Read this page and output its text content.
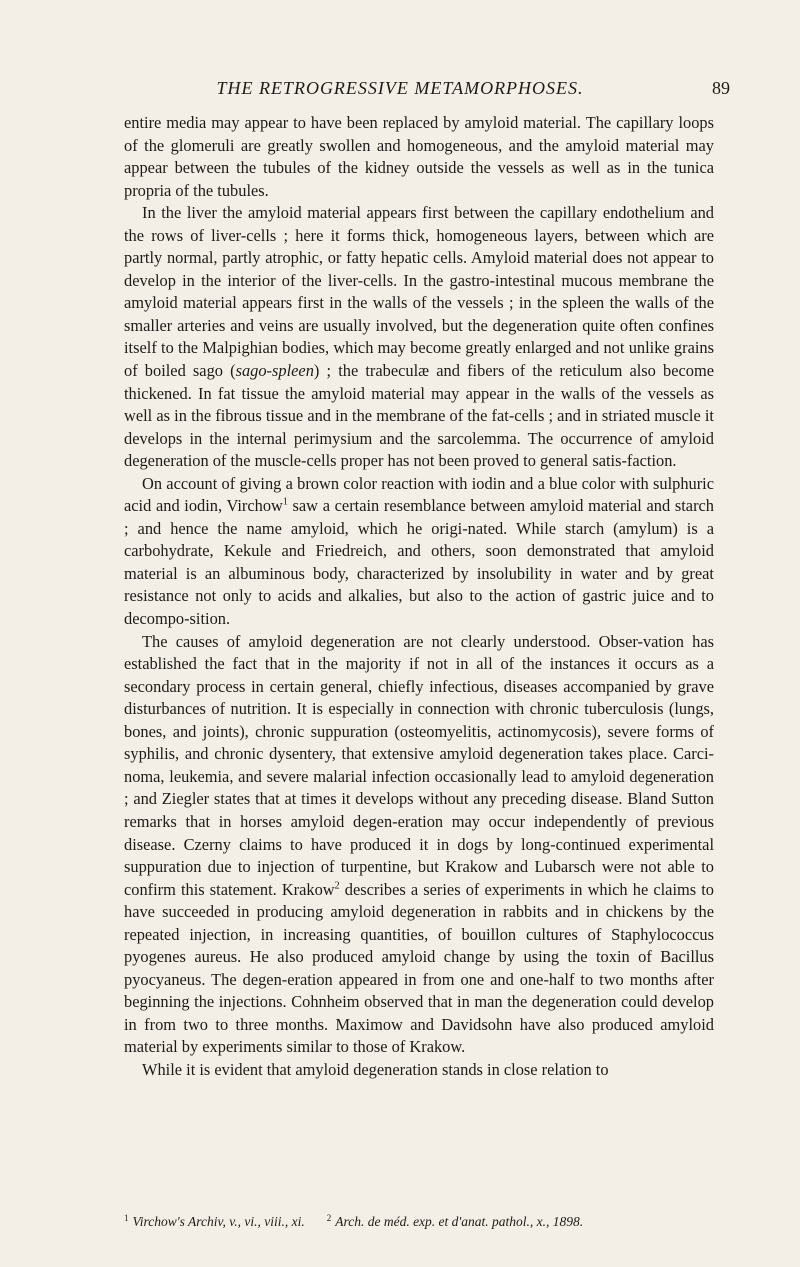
THE RETROGRESSIVE METAMORPHOSES.	89

entire media may appear to have been replaced by amyloid material. The capillary loops of the glomeruli are greatly swollen and homogeneous, and the amyloid material may appear between the tubules of the kidney outside the vessels as well as in the tunica propria of the tubules.

In the liver the amyloid material appears first between the capillary endothelium and the rows of liver-cells ; here it forms thick, homogeneous layers, between which are partly normal, partly atrophic, or fatty hepatic cells. Amyloid material does not appear to develop in the interior of the liver-cells. In the gastro-intestinal mucous membrane the amyloid material appears first in the walls of the vessels ; in the spleen the walls of the smaller arteries and veins are usually involved, but the degeneration quite often confines itself to the Malpighian bodies, which may become greatly enlarged and not unlike grains of boiled sago (sago-spleen) ; the trabeculæ and fibers of the reticulum also become thickened. In fat tissue the amyloid material may appear in the walls of the vessels as well as in the fibrous tissue and in the membrane of the fat-cells ; and in striated muscle it develops in the internal perimysium and the sarcolemma. The occurrence of amyloid degeneration of the muscle-cells proper has not been proved to general satis-faction.

On account of giving a brown color reaction with iodin and a blue color with sulphuric acid and iodin, Virchow$^1$ saw a certain resemblance between amyloid material and starch ; and hence the name amyloid, which he origi-nated. While starch (amylum) is a carbohydrate, Kekule and Friedreich, and others, soon demonstrated that amyloid material is an albuminous body, characterized by insolubility in water and by great resistance not only to acids and alkalies, but also to the action of gastric juice and to decompo-sition.

The causes of amyloid degeneration are not clearly understood. Obser-vation has established the fact that in the majority if not in all of the instances it occurs as a secondary process in certain general, chiefly infectious, diseases accompanied by grave disturbances of nutrition. It is especially in connection with chronic tuberculosis (lungs, bones, and joints), chronic suppuration (osteomyelitis, actinomycosis), severe forms of syphilis, and chronic dysentery, that extensive amyloid degeneration takes place. Carci-noma, leukemia, and severe malarial infection occasionally lead to amyloid degeneration ; and Ziegler states that at times it develops without any preceding disease. Bland Sutton remarks that in horses amyloid degen-eration may occur independently of previous disease. Czerny claims to have produced it in dogs by long-continued experimental suppuration due to injection of turpentine, but Krakow and Lubarsch were not able to confirm this statement. Krakow$^2$ describes a series of experiments in which he claims to have succeeded in producing amyloid degeneration in rabbits and in chickens by the repeated injection, in increasing quantities, of bouillon cultures of Staphylococcus pyogenes aureus. He also produced amyloid change by using the toxin of Bacillus pyocyaneus. The degen-eration appeared in from one and one-half to two months after beginning the injections. Cohnheim observed that in man the degeneration could develop in from two to three months. Maximow and Davidsohn have also produced amyloid material by experiments similar to those of Krakow.

While it is evident that amyloid degeneration stands in close relation to

$^1$ Virchow's Archiv, v., vi., viii., xi. $^2$ Arch. de méd. exp. et d'anat. pathol., x., 1898.
